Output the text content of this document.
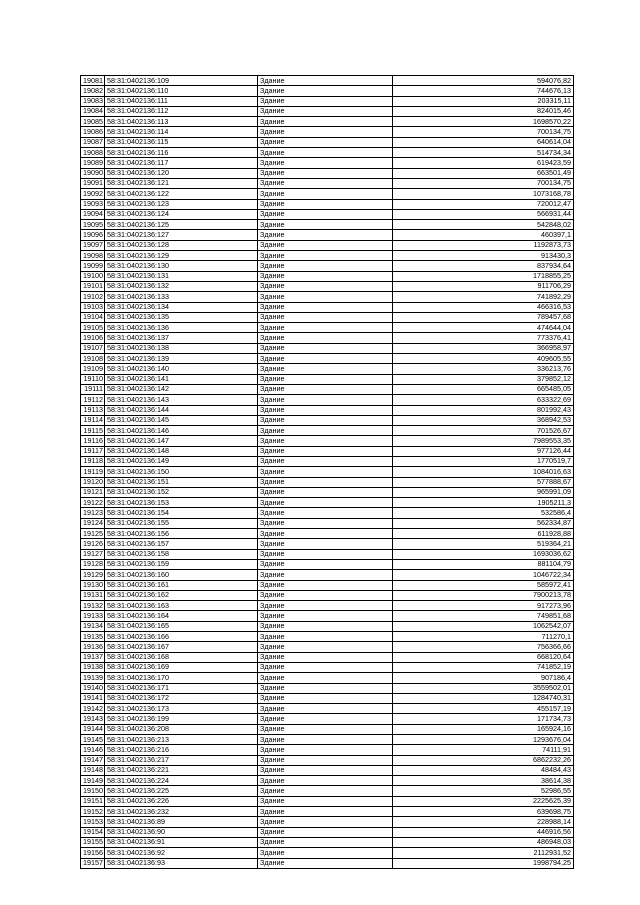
19081	58:31:0402136:109	Здание	594076,82
19082	58:31:0402136:110	Здание	744676,13
19083	58:31:0402136:111	Здание	203315,11
19084	58:31:0402136:112	Здание	824015,46
19085	58:31:0402136:113	Здание	1698570,22
19086	58:31:0402136:114	Здание	700134,75
19087	58:31:0402136:115	Здание	640614,04
19088	58:31:0402136:116	Здание	514734,34
19089	58:31:0402136:117	Здание	619423,59
19090	58:31:0402136:120	Здание	663501,49
19091	58:31:0402136:121	Здание	700134,75
19092	58:31:0402136:122	Здание	1073168,78
19093	58:31:0402136:123	Здание	720012,47
19094	58:31:0402136:124	Здание	566931,44
19095	58:31:0402136:125	Здание	542848,02
19096	58:31:0402136:127	Здание	460397,1
19097	58:31:0402136:128	Здание	1192873,73
19098	58:31:0402136:129	Здание	913430,3
19099	58:31:0402136:130	Здание	837934,64
19100	58:31:0402136:131	Здание	1718855,25
19101	58:31:0402136:132	Здание	911706,29
19102	58:31:0402136:133	Здание	741892,29
19103	58:31:0402136:134	Здание	466316,53
19104	58:31:0402136:135	Здание	789457,68
19105	58:31:0402136:136	Здание	474644,04
19106	58:31:0402136:137	Здание	773376,41
19107	58:31:0402136:138	Здание	366958,97
19108	58:31:0402136:139	Здание	409605,55
19109	58:31:0402136:140	Здание	336213,76
19110	58:31:0402136:141	Здание	379852,12
19111	58:31:0402136:142	Здание	665485,05
19112	58:31:0402136:143	Здание	633322,69
19113	58:31:0402136:144	Здание	801992,43
19114	58:31:0402136:145	Здание	368942,53
19115	58:31:0402136:146	Здание	701526,67
19116	58:31:0402136:147	Здание	7989553,35
19117	58:31:0402136:148	Здание	977126,44
19118	58:31:0402136:149	Здание	1770519,7
19119	58:31:0402136:150	Здание	1084016,63
19120	58:31:0402136:151	Здание	577888,67
19121	58:31:0402136:152	Здание	965991,09
19122	58:31:0402136:153	Здание	1905211,3
19123	58:31:0402136:154	Здание	532586,4
19124	58:31:0402136:155	Здание	562334,87
19125	58:31:0402136:156	Здание	611928,88
19126	58:31:0402136:157	Здание	519364,21
19127	58:31:0402136:158	Здание	1693036,62
19128	58:31:0402136:159	Здание	881104,79
19129	58:31:0402136:160	Здание	1046722,34
19130	58:31:0402136:161	Здание	585972,41
19131	58:31:0402136:162	Здание	7900213,78
19132	58:31:0402136:163	Здание	917273,96
19133	58:31:0402136:164	Здание	749851,68
19134	58:31:0402136:165	Здание	1062542,07
19135	58:31:0402136:166	Здание	711270,1
19136	58:31:0402136:167	Здание	756366,66
19137	58:31:0402136:168	Здание	668120,64
19138	58:31:0402136:169	Здание	741852,19
19139	58:31:0402136:170	Здание	907186,4
19140	58:31:0402136:171	Здание	3559502,01
19141	58:31:0402136:172	Здание	1284740,31
19142	58:31:0402136:173	Здание	455157,19
19143	58:31:0402136:199	Здание	171734,73
19144	58:31:0402136:208	Здание	165924,16
19145	58:31:0402136:213	Здание	1293676,04
19146	58:31:0402136:216	Здание	74111,91
19147	58:31:0402136:217	Здание	6862232,26
19148	58:31:0402136:221	Здание	48484,43
19149	58:31:0402136:224	Здание	38614,38
19150	58:31:0402136:225	Здание	52986,55
19151	58:31:0402136:226	Здание	2225625,39
19152	58:31:0402136:232	Здание	639698,75
19153	58:31:0402136:89	Здание	228988,14
19154	58:31:0402136:90	Здание	446916,56
19155	58:31:0402136:91	Здание	486948,03
19156	58:31:0402136:92	Здание	2112931,52
19157	58:31:0402136:93	Здание	1998794,25
